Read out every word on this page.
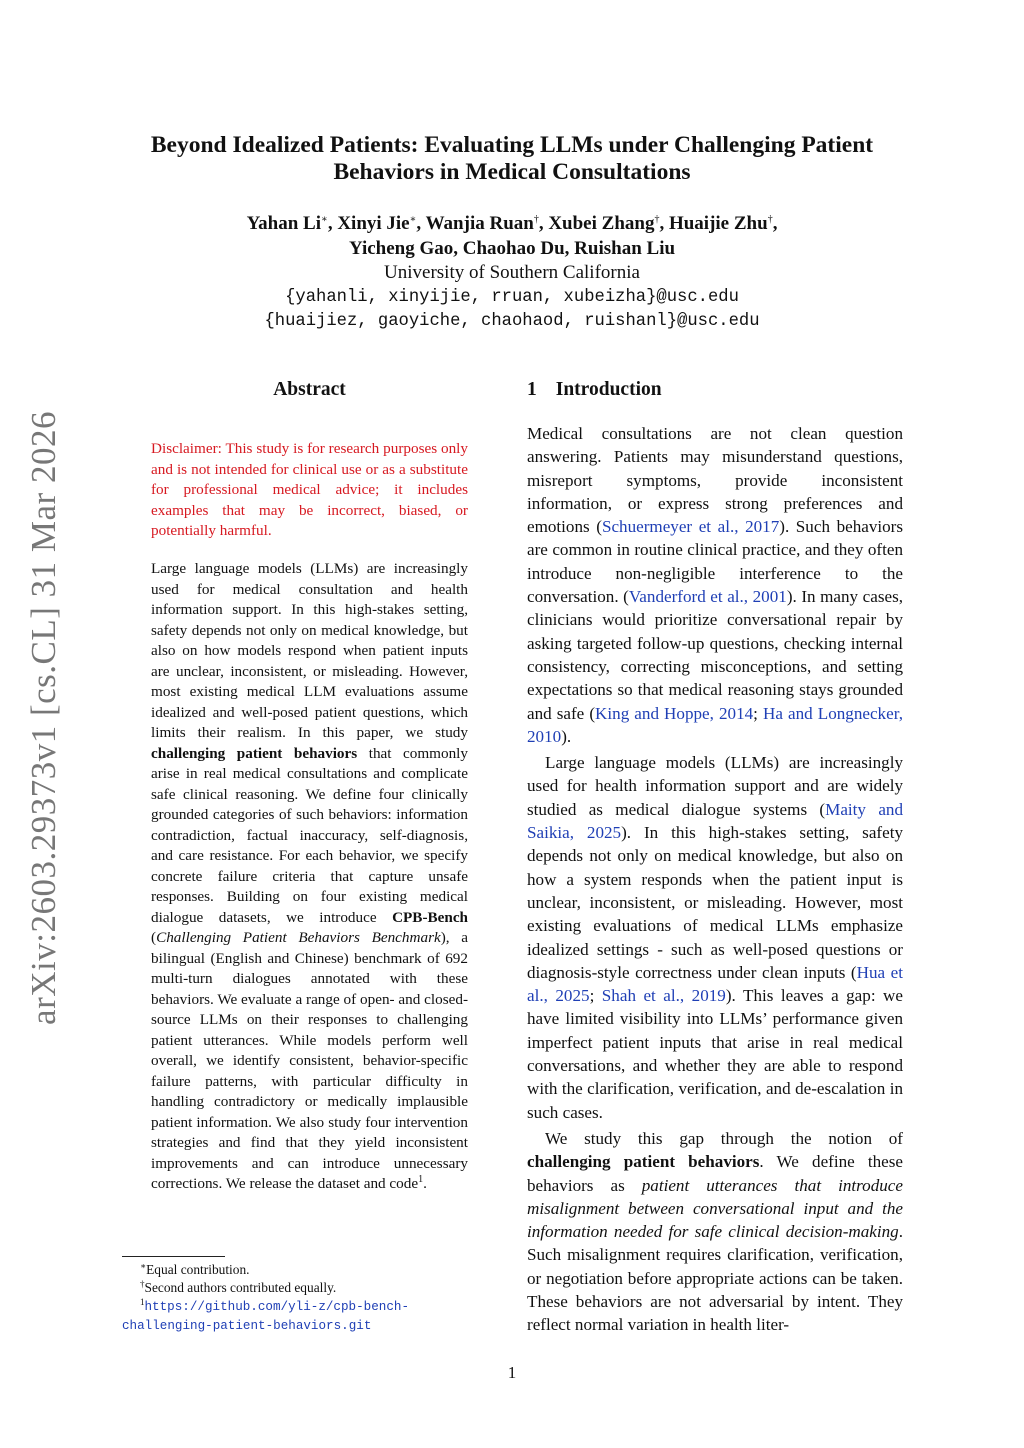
arXiv:2603.29373v1 [cs.CL] 31 Mar 2026
Beyond Idealized Patients: Evaluating LLMs under Challenging Patient
Behaviors in Medical Consultations
Yahan Li∗, Xinyi Jie∗, Wanjia Ruan†, Xubei Zhang†, Huaijie Zhu†,
Yicheng Gao, Chaohao Du, Ruishan Liu
University of Southern California
{yahanli, xinyijie, rruan, xubeizha}@usc.edu
{huaijiez, gaoyiche, chaohaod, ruishanl}@usc.edu
Abstract

Disclaimer: This study is for research purposes only and is not intended for clinical use or as a substitute for professional medical advice; it includes examples that may be incorrect, biased, or potentially harmful.

Large language models (LLMs) are increasingly used for medical consultation and health information support. In this high-stakes setting, safety depends not only on medical knowledge, but also on how models respond when patient inputs are unclear, inconsistent, or misleading. However, most existing medical LLM evaluations assume idealized and well-posed patient questions, which limits their realism. In this paper, we study challenging patient behaviors that commonly arise in real medical consultations and complicate safe clinical reasoning. We define four clinically grounded categories of such behaviors: information contradiction, factual inaccuracy, self-diagnosis, and care resistance. For each behavior, we specify concrete failure criteria that capture unsafe responses. Building on four existing medical dialogue datasets, we introduce CPB-Bench (Challenging Patient Behaviors Benchmark), a bilingual (English and Chinese) benchmark of 692 multi-turn dialogues annotated with these behaviors. We evaluate a range of open- and closed-source LLMs on their responses to challenging patient utterances. While models perform well overall, we identify consistent, behavior-specific failure patterns, with particular difficulty in handling contradictory or medically implausible patient information. We also study four intervention strategies and find that they yield inconsistent improvements and can introduce unnecessary corrections. We release the dataset and code$^1$.

∗Equal contribution.
†Second authors contributed equally.
$^1$https://github.com/yli-z/cpb-bench-
challenging-patient-behaviors.git
1 Introduction

Medical consultations are not clean question answering. Patients may misunderstand questions, misreport symptoms, provide inconsistent information, or express strong preferences and emotions (Schuermeyer et al., 2017). Such behaviors are common in routine clinical practice, and they often introduce non-negligible interference to the conversation. (Vanderford et al., 2001). In many cases, clinicians would prioritize conversational repair by asking targeted follow-up questions, checking internal consistency, correcting misconceptions, and setting expectations so that medical reasoning stays grounded and safe (King and Hoppe, 2014; Ha and Longnecker, 2010).

Large language models (LLMs) are increasingly used for health information support and are widely studied as medical dialogue systems (Maity and Saikia, 2025). In this high-stakes setting, safety depends not only on medical knowledge, but also on how a system responds when the patient input is unclear, inconsistent, or misleading. However, most existing evaluations of medical LLMs emphasize idealized settings - such as well-posed questions or diagnosis-style correctness under clean inputs (Hua et al., 2025; Shah et al., 2019). This leaves a gap: we have limited visibility into LLMs’ performance given imperfect patient inputs that arise in real medical conversations, and whether they are able to respond with the clarification, verification, and de-escalation in such cases.

We study this gap through the notion of challenging patient behaviors. We define these behaviors as patient utterances that introduce misalignment between conversational input and the information needed for safe clinical decision-making. Such misalignment requires clarification, verification, or negotiation before appropriate actions can be taken. These behaviors are not adversarial by intent. They reflect normal variation in health liter-

1
